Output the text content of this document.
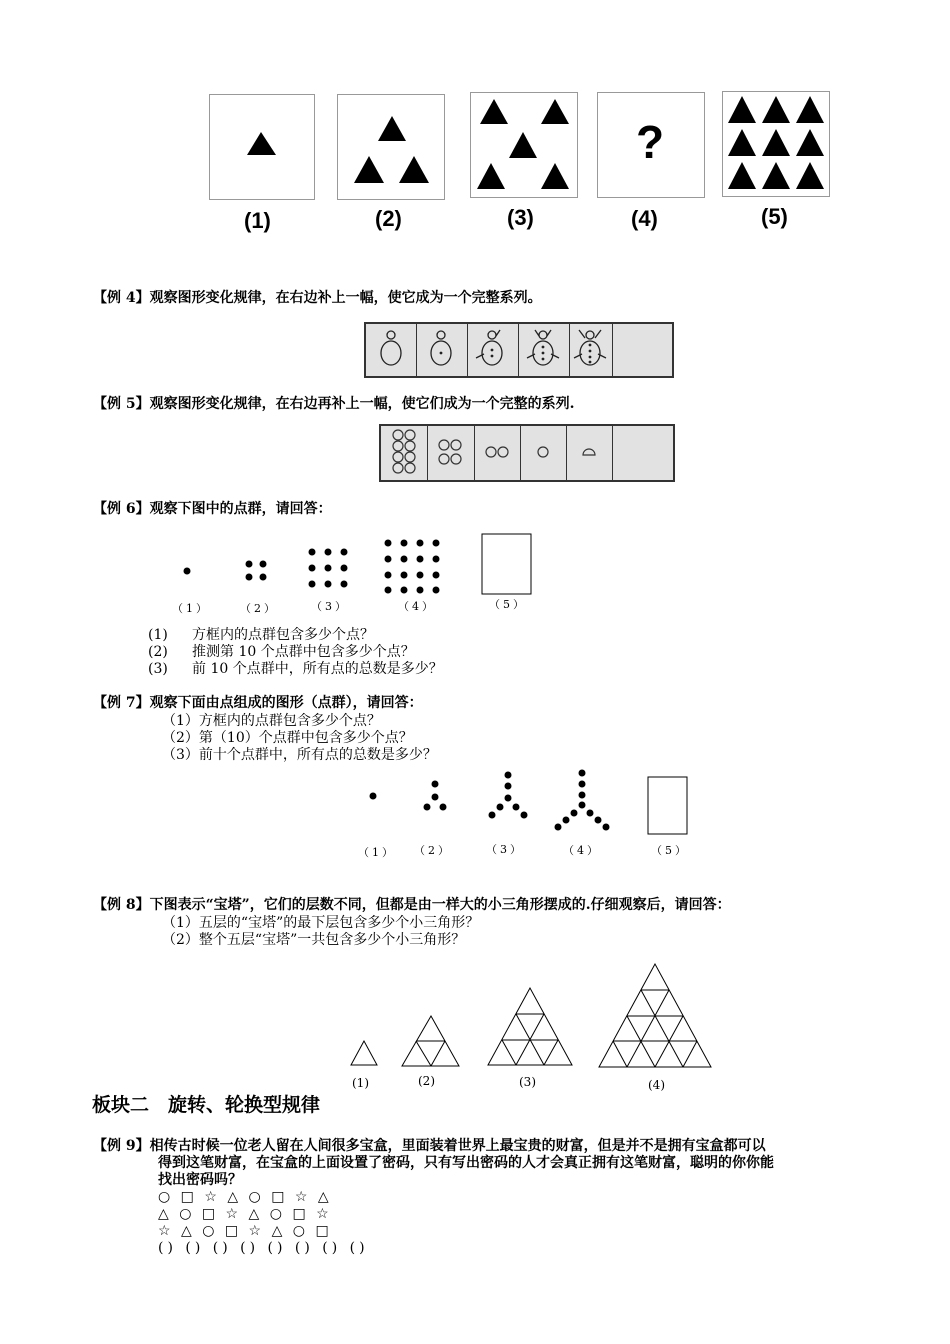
?
(1)	(2)	(3)	(4)	(5)
【例 4】观察图形变化规律，在右边补上一幅，使它成为一个完整系列。
【例 5】观察图形变化规律，在右边再补上一幅，使它们成为一个完整的系列.
【例 6】观察下图中的点群，请回答：
（1）	（2）	（3）	（4）	（5）
(1) 方框内的点群包含多少个点？
(2) 推测第 10 个点群中包含多少个点？
(3) 前 10 个点群中，所有点的总数是多少？
【例 7】观察下面由点组成的图形（点群），请回答：
（1）方框内的点群包含多少个点？
（2）第（10）个点群中包含多少个点？
（3）前十个点群中，所有点的总数是多少？
（1） （2）	（3）	（4）	（5）
【例 8】下图表示“宝塔”，它们的层数不同，但都是由一样大的小三角形摆成的.仔细观察后，请回答：
（1）五层的“宝塔”的最下层包含多少个小三角形？
（2）整个五层“宝塔”一共包含多少个小三角形？
(1)	(2)	(3)	(4)
板块二　旋转、轮换型规律
【例 9】相传古时候一位老人留在人间很多宝盒，里面装着世界上最宝贵的财富，但是并不是拥有宝盒都可以
得到这笔财富，在宝盒的上面设置了密码，只有写出密码的人才会真正拥有这笔财富，聪明的你你能
找出密码吗？
○ □ ☆ △ ○ □ ☆ △
△ ○ □ ☆ △ ○ □ ☆
☆ △ ○ □ ☆ △ ○ □
() () () () () () () ()
